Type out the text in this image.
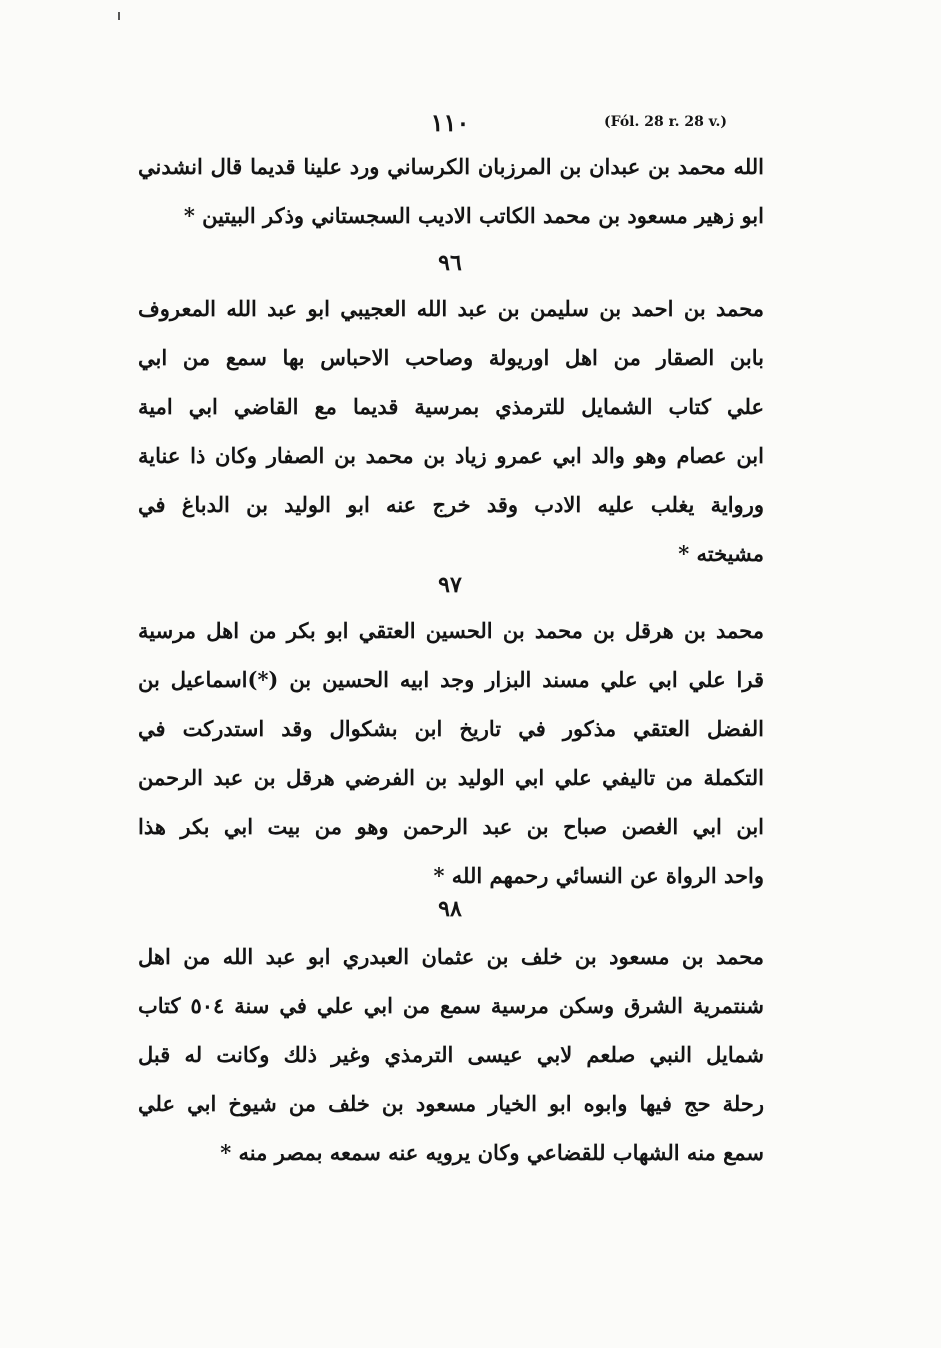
١١٠	(Fól. 28 r. 28 v.)
الله محمد بن عبدان بن المرزبان الكرساني ورد علينا قديما قال انشدني
ابو زهير مسعود بن محمد الكاتب الاديب السجستاني وذكر البيتين *
٩٦
محمد بن احمد بن سليمن بن عبد الله العجيبي ابو عبد الله المعروف
بابن الصقار من اهل اوريولة وصاحب الاحباس بها سمع من ابي
علي كتاب الشمايل للترمذي بمرسية قديما مع القاضي ابي امية
ابن عصام وهو والد ابي عمرو زياد بن محمد بن الصفار وكان ذا عناية
ورواية يغلب عليه الادب وقد خرج عنه ابو الوليد بن الدباغ في
مشيخته *
٩٧
محمد بن هرقل بن محمد بن الحسين العتقي ابو بكر من اهل مرسية
قرا علي ابي علي مسند البزار وجد ابيه الحسين بن (*)اسماعيل بن
الفضل العتقي مذكور في تاريخ ابن بشكوال وقد استدركت في
التكملة من تاليفي علي ابي الوليد بن الفرضي هرقل بن عبد الرحمن
ابن ابي الغصن صباح بن عبد الرحمن وهو من بيت ابي بكر هذا
واحد الرواة عن النسائي رحمهم الله *
٩٨
محمد بن مسعود بن خلف بن عثمان العبدري ابو عبد الله من اهل
شنتمرية الشرق وسكن مرسية سمع من ابي علي في سنة ٥٠٤ كتاب
شمايل النبي صلعم لابي عيسى الترمذي وغير ذلك وكانت له قبل
رحلة حج فيها وابوه ابو الخيار مسعود بن خلف من شيوخ ابي علي
سمع منه الشهاب للقضاعي وكان يرويه عنه سمعه بمصر منه *
